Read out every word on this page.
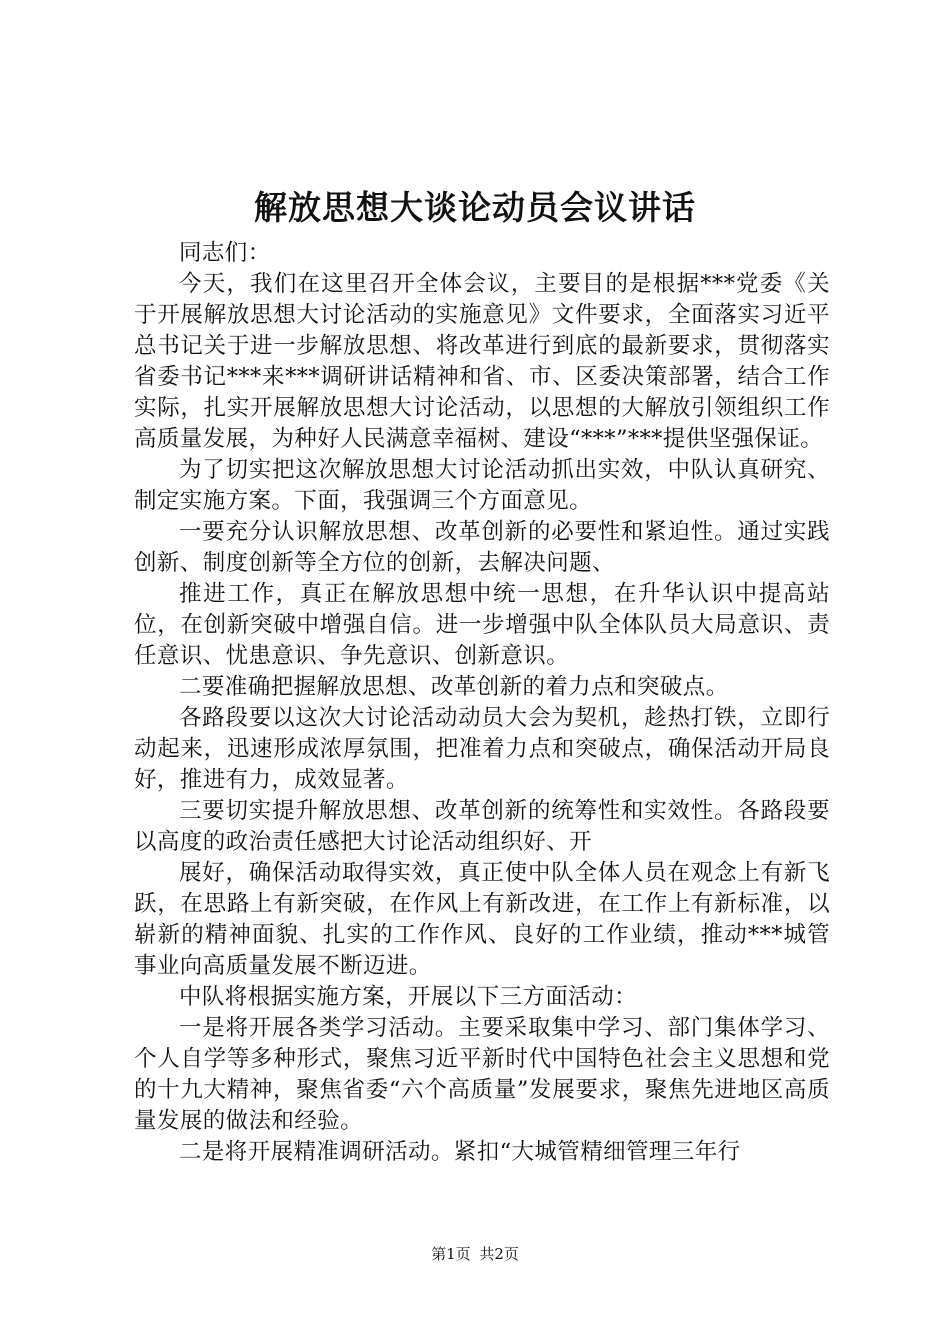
解放思想大谈论动员会议讲话

同志们：

今天，我们在这里召开全体会议，主要目的是根据***党委《关于开展解放思想大讨论活动的实施意见》文件要求，全面落实习近平总书记关于进一步解放思想、将改革进行到底的最新要求，贯彻落实省委书记***来***调研讲话精神和省、市、区委决策部署，结合工作实际，扎实开展解放思想大讨论活动，以思想的大解放引领组织工作高质量发展，为种好人民满意幸福树、建设“***”***提供坚强保证。

为了切实把这次解放思想大讨论活动抓出实效，中队认真研究、制定实施方案。下面，我强调三个方面意见。

一要充分认识解放思想、改革创新的必要性和紧迫性。通过实践创新、制度创新等全方位的创新，去解决问题、

推进工作，真正在解放思想中统一思想，在升华认识中提高站位，在创新突破中增强自信。进一步增强中队全体队员大局意识、责任意识、忧患意识、争先意识、创新意识。

二要准确把握解放思想、改革创新的着力点和突破点。

各路段要以这次大讨论活动动员大会为契机，趁热打铁，立即行动起来，迅速形成浓厚氛围，把准着力点和突破点，确保活动开局良好，推进有力，成效显著。

三要切实提升解放思想、改革创新的统筹性和实效性。各路段要以高度的政治责任感把大讨论活动组织好、开

展好，确保活动取得实效，真正使中队全体人员在观念上有新飞跃，在思路上有新突破，在作风上有新改进，在工作上有新标准，以崭新的精神面貌、扎实的工作作风、良好的工作业绩，推动***城管事业向高质量发展不断迈进。

中队将根据实施方案，开展以下三方面活动：

一是将开展各类学习活动。主要采取集中学习、部门集体学习、个人自学等多种形式，聚焦习近平新时代中国特色社会主义思想和党的十九大精神，聚焦省委“六个高质量”发展要求，聚焦先进地区高质量发展的做法和经验。

二是将开展精准调研活动。紧扣“大城管精细管理三年行

第1页 共2页
